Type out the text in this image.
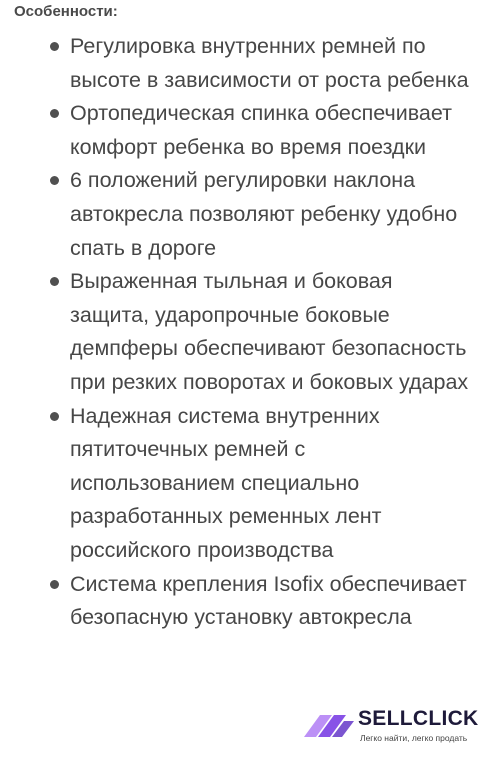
Особенности:
Регулировка внутренних ремней по высоте в зависимости от роста ребенка
Ортопедическая спинка обеспечивает комфорт ребенка во время поездки
6 положений регулировки наклона автокресла позволяют ребенку удобно спать в дороге
Выраженная тыльная и боковая защита, ударопрочные боковые демпферы обеспечивают безопасность при резких поворотах и боковых ударах
Надежная система внутренних пятиточечных ремней с использованием специально разработанных ременных лент российского производства
Система крепления Isofix обеспечивает безопасную установку автокресла
SELLCLICK
Легко найти, легко продать
